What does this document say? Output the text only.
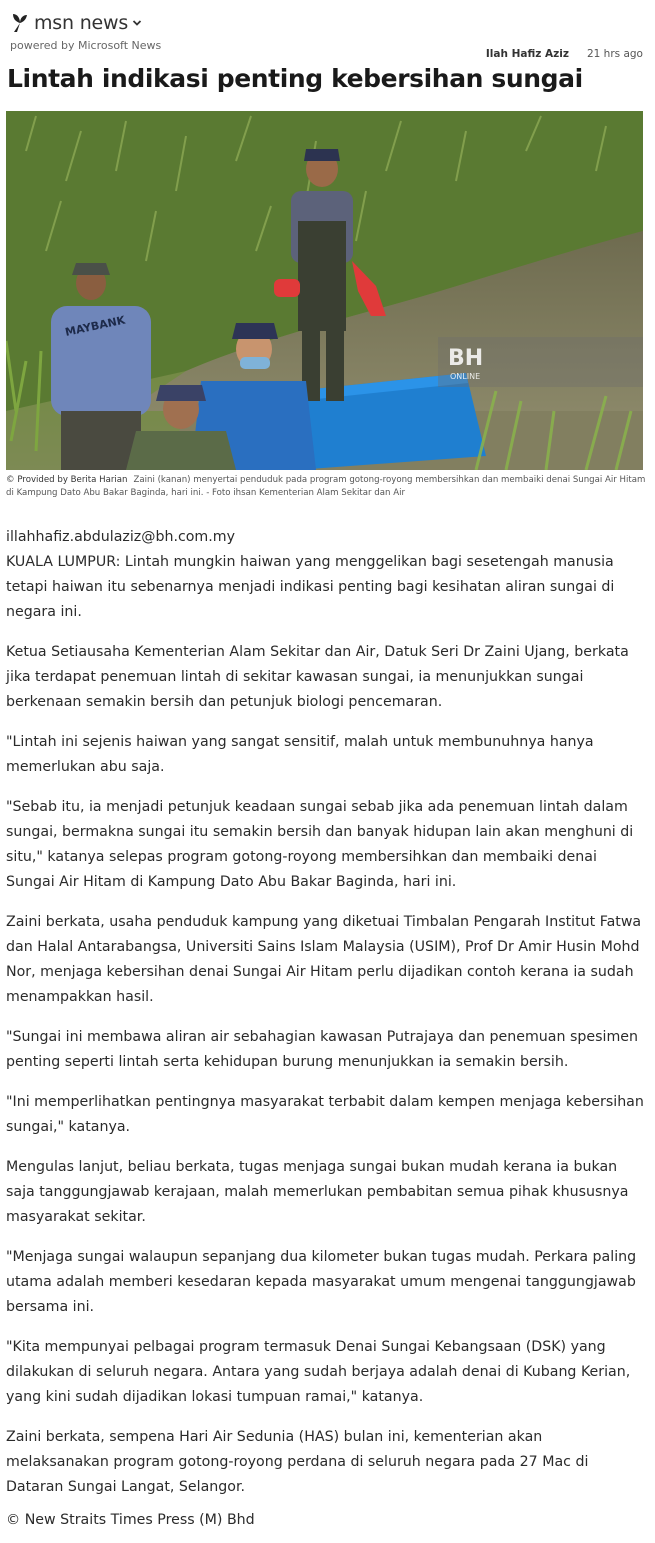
msn news
powered by Microsoft News
Ilah Hafiz Aziz 21 hrs ago
Lintah indikasi penting kebersihan sungai
MAYBANK
BH
ONLINE
© Provided by Berita Harian Zaini (kanan) menyertai penduduk pada program gotong-royong membersihkan dan membaiki denai Sungai Air Hitam di Kampung Dato Abu Bakar Baginda, hari ini. - Foto ihsan Kementerian Alam Sekitar dan Air

illahhafiz.abdulaziz@bh.com.my

KUALA LUMPUR: Lintah mungkin haiwan yang menggelikan bagi sesetengah manusia tetapi haiwan itu sebenarnya menjadi indikasi penting bagi kesihatan aliran sungai di negara ini.

Ketua Setiausaha Kementerian Alam Sekitar dan Air, Datuk Seri Dr Zaini Ujang, berkata jika terdapat penemuan lintah di sekitar kawasan sungai, ia menunjukkan sungai berkenaan semakin bersih dan petunjuk biologi pencemaran.

"Lintah ini sejenis haiwan yang sangat sensitif, malah untuk membunuhnya hanya memerlukan abu saja.

"Sebab itu, ia menjadi petunjuk keadaan sungai sebab jika ada penemuan lintah dalam sungai, bermakna sungai itu semakin bersih dan banyak hidupan lain akan menghuni di situ," katanya selepas program gotong-royong membersihkan dan membaiki denai Sungai Air Hitam di Kampung Dato Abu Bakar Baginda, hari ini.

Zaini berkata, usaha penduduk kampung yang diketuai Timbalan Pengarah Institut Fatwa dan Halal Antarabangsa, Universiti Sains Islam Malaysia (USIM), Prof Dr Amir Husin Mohd Nor, menjaga kebersihan denai Sungai Air Hitam perlu dijadikan contoh kerana ia sudah menampakkan hasil.

"Sungai ini membawa aliran air sebahagian kawasan Putrajaya dan penemuan spesimen penting seperti lintah serta kehidupan burung menunjukkan ia semakin bersih.

"Ini memperlihatkan pentingnya masyarakat terbabit dalam kempen menjaga kebersihan sungai," katanya.

Mengulas lanjut, beliau berkata, tugas menjaga sungai bukan mudah kerana ia bukan saja tanggungjawab kerajaan, malah memerlukan pembabitan semua pihak khususnya masyarakat sekitar.

"Menjaga sungai walaupun sepanjang dua kilometer bukan tugas mudah. Perkara paling utama adalah memberi kesedaran kepada masyarakat umum mengenai tanggungjawab bersama ini.

"Kita mempunyai pelbagai program termasuk Denai Sungai Kebangsaan (DSK) yang dilakukan di seluruh negara. Antara yang sudah berjaya adalah denai di Kubang Kerian, yang kini sudah dijadikan lokasi tumpuan ramai," katanya.

Zaini berkata, sempena Hari Air Sedunia (HAS) bulan ini, kementerian akan melaksanakan program gotong-royong perdana di seluruh negara pada 27 Mac di Dataran Sungai Langat, Selangor.

© New Straits Times Press (M) Bhd
